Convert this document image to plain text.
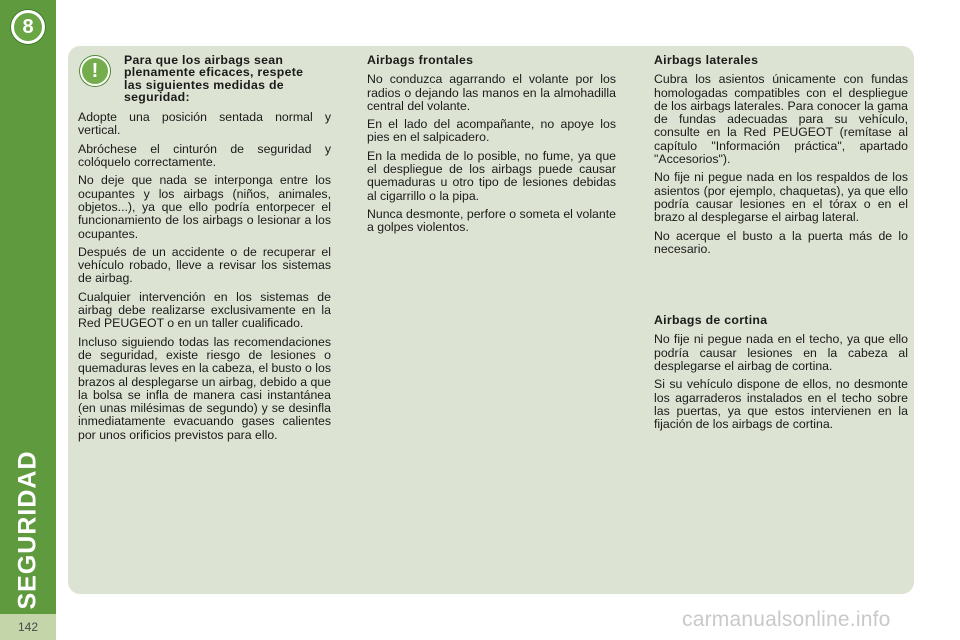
8
SEGURIDAD
142
! Para que los airbags sean plenamente eficaces, respete las siguientes medidas de seguridad:

Adopte una posición sentada normal y vertical.

Abróchese el cinturón de seguridad y colóquelo correctamente.

No deje que nada se interponga entre los ocupantes y los airbags (niños, animales, objetos...), ya que ello podría entorpecer el funcionamiento de los airbags o lesionar a los ocupantes.

Después de un accidente o de recuperar el vehículo robado, lleve a revisar los sistemas de airbag.

Cualquier intervención en los sistemas de airbag debe realizarse exclusivamente en la Red PEUGEOT o en un taller cualificado.

Incluso siguiendo todas las recomendaciones de seguridad, existe riesgo de lesiones o quemaduras leves en la cabeza, el busto o los brazos al desplegarse un airbag, debido a que la bolsa se infla de manera casi instantánea (en unas milésimas de segundo) y se desinfla inmediatamente evacuando gases calientes por unos orificios previstos para ello.

Airbags frontales

No conduzca agarrando el volante por los radios o dejando las manos en la almohadilla central del volante.

En el lado del acompañante, no apoye los pies en el salpicadero.

En la medida de lo posible, no fume, ya que el despliegue de los airbags puede causar quemaduras u otro tipo de lesiones debidas al cigarrillo o la pipa.

Nunca desmonte, perfore o someta el volante a golpes violentos.

Airbags laterales

Cubra los asientos únicamente con fundas homologadas compatibles con el despliegue de los airbags laterales. Para conocer la gama de fundas adecuadas para su vehículo, consulte en la Red PEUGEOT (remítase al capítulo "Información práctica", apartado "Accesorios").

No fije ni pegue nada en los respaldos de los asientos (por ejemplo, chaquetas), ya que ello podría causar lesiones en el tórax o en el brazo al desplegarse el airbag lateral.

No acerque el busto a la puerta más de lo necesario.

Airbags de cortina

No fije ni pegue nada en el techo, ya que ello podría causar lesiones en la cabeza al desplegarse el airbag de cortina.

Si su vehículo dispone de ellos, no desmonte los agarraderos instalados en el techo sobre las puertas, ya que estos intervienen en la fijación de los airbags de cortina.

carmanualsonline.info
